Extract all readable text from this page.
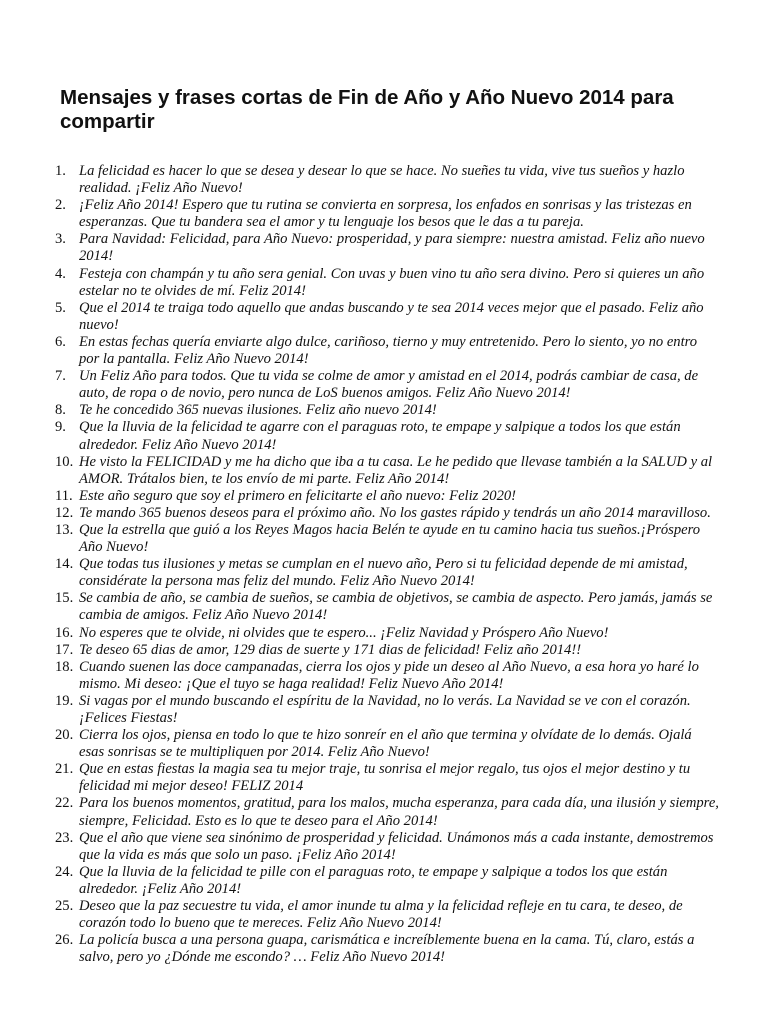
Mensajes y frases cortas de Fin de Año y Año Nuevo 2014 para compartir
1. La felicidad es hacer lo que se desea y desear lo que se hace. No sueñes tu vida, vive tus sueños y hazlo realidad. ¡Feliz Año Nuevo!
2. ¡Feliz Año 2014! Espero que tu rutina se convierta en sorpresa, los enfados en sonrisas y las tristezas en esperanzas. Que tu bandera sea el amor y tu lenguaje los besos que le das a tu pareja.
3. Para Navidad: Felicidad, para Año Nuevo: prosperidad, y para siempre: nuestra amistad. Feliz año nuevo 2014!
4. Festeja con champán y tu año sera genial. Con uvas y buen vino tu año sera divino. Pero si quieres un año estelar no te olvides de mí. Feliz 2014!
5. Que el 2014 te traiga todo aquello que andas buscando y te sea 2014 veces mejor que el pasado. Feliz año nuevo!
6. En estas fechas quería enviarte algo dulce, cariñoso, tierno y muy entretenido. Pero lo siento, yo no entro por la pantalla. Feliz Año Nuevo 2014!
7. Un Feliz Año para todos. Que tu vida se colme de amor y amistad en el 2014, podrás cambiar de casa, de auto, de ropa o de novio, pero nunca de LoS buenos amigos. Feliz Año Nuevo 2014!
8. Te he concedido 365 nuevas ilusiones. Feliz año nuevo 2014!
9. Que la lluvia de la felicidad te agarre con el paraguas roto, te empape y salpique a todos los que están alrededor. Feliz Año Nuevo 2014!
10. He visto la FELICIDAD y me ha dicho que iba a tu casa. Le he pedido que llevase también a la SALUD y al AMOR. Trátalos bien, te los envío de mi parte. Feliz Año 2014!
11. Este año seguro que soy el primero en felicitarte el año nuevo: Feliz 2020!
12. Te mando 365 buenos deseos para el próximo año. No los gastes rápido y tendrás un año 2014 maravilloso.
13. Que la estrella que guió a los Reyes Magos hacia Belén te ayude en tu camino hacia tus sueños.¡Próspero Año Nuevo!
14. Que todas tus ilusiones y metas se cumplan en el nuevo año, Pero si tu felicidad depende de mi amistad, considérate la persona mas feliz del mundo. Feliz Año Nuevo 2014!
15. Se cambia de año, se cambia de sueños, se cambia de objetivos, se cambia de aspecto. Pero jamás, jamás se cambia de amigos. Feliz Año Nuevo 2014!
16. No esperes que te olvide, ni olvides que te espero... ¡Feliz Navidad y Próspero Año Nuevo!
17. Te deseo 65 dias de amor, 129 dias de suerte y 171 dias de felicidad! Feliz año 2014!!
18. Cuando suenen las doce campanadas, cierra los ojos y pide un deseo al Año Nuevo, a esa hora yo haré lo mismo. Mi deseo: ¡Que el tuyo se haga realidad! Feliz Nuevo Año 2014!
19. Si vagas por el mundo buscando el espíritu de la Navidad, no lo verás. La Navidad se ve con el corazón. ¡Felices Fiestas!
20. Cierra los ojos, piensa en todo lo que te hizo sonreír en el año que termina y olvídate de lo demás. Ojalá esas sonrisas se te multipliquen por 2014. Feliz Año Nuevo!
21. Que en estas fiestas la magia sea tu mejor traje, tu sonrisa el mejor regalo, tus ojos el mejor destino y tu felicidad mi mejor deseo! FELIZ 2014
22. Para los buenos momentos, gratitud, para los malos, mucha esperanza, para cada día, una ilusión y siempre, siempre, Felicidad. Esto es lo que te deseo para el Año 2014!
23. Que el año que viene sea sinónimo de prosperidad y felicidad. Unámonos más a cada instante, demostremos que la vida es más que solo un paso. ¡Feliz Año 2014!
24. Que la lluvia de la felicidad te pille con el paraguas roto, te empape y salpique a todos los que están alrededor. ¡Feliz Año 2014!
25. Deseo que la paz secuestre tu vida, el amor inunde tu alma y la felicidad refleje en tu cara, te deseo, de corazón todo lo bueno que te mereces. Feliz Año Nuevo 2014!
26. La policía busca a una persona guapa, carismática e increíblemente buena en la cama. Tú, claro, estás a salvo, pero yo ¿Dónde me escondo? … Feliz Año Nuevo 2014!
